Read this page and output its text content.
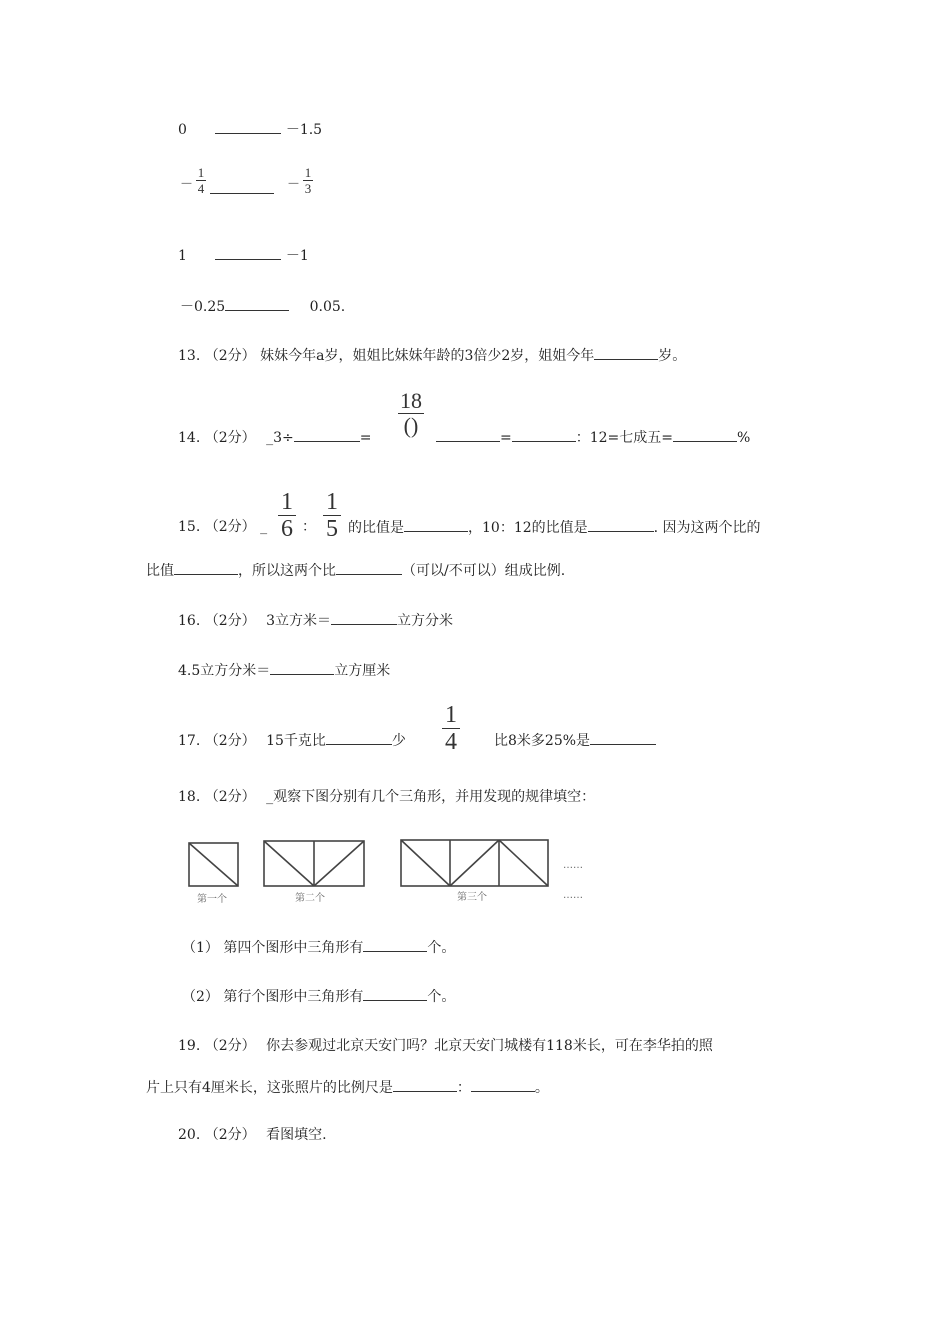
0	－1.5
－
1
4	－
1
3
1	－1
－0.25	0.05.
13. （2分） 妹妹今年a岁，姐姐比妹妹年龄的3倍少2岁，姐姐今年	岁。
14. （2分） _3÷	=
18
()	=	：12=七成五=	%
15. （2分） _
1
6 ：
1
5 的比值是	，10：12的比值是	. 因为这两个比的
比值	，所以这两个比	（可以/不可以）组成比例.
16. （2分） 3立方米＝	立方分米
4.5立方分米＝	立方厘米
17. （2分） 15千克比	少
1
4	比8米多25%是
18. （2分） _观察下图分别有几个三角形，并用发现的规律填空：
第一个	第二个	第三个
……
……
（1） 第四个图形中三角形有	个。
（2） 第行个图形中三角形有	个。
19. （2分） 你去参观过北京天安门吗？北京天安门城楼有118米长，可在李华拍的照
片上只有4厘米长，这张照片的比例尺是	：	。
20. （2分） 看图填空.
